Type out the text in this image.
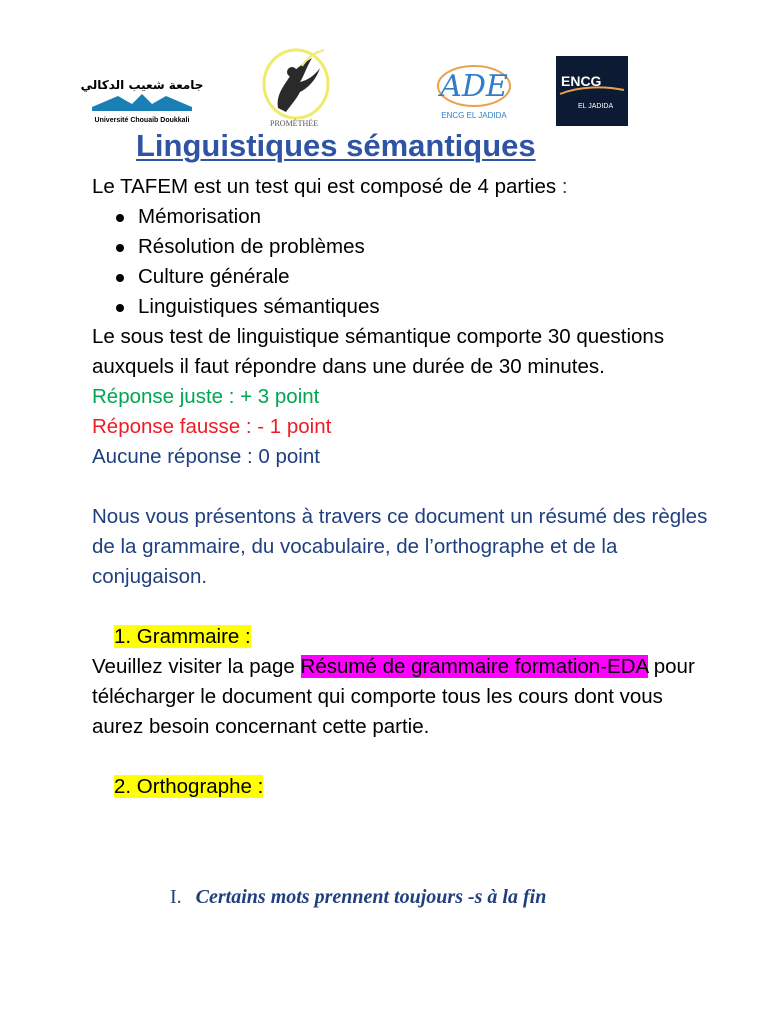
جامعة شعيب الدكالي
Université Chouaib Doukkali	PROMÉTHÉE
ADE
ENCG EL JADIDA
ENCG
EL JADIDA
Linguistiques sémantiques

Le TAFEM est un test qui est composé de 4 parties :

Mémorisation
Résolution de problèmes
Culture générale
Linguistiques sémantiques

Le sous test de linguistique sémantique comporte 30 questions auxquels il faut répondre dans une durée de 30 minutes.

Réponse juste : + 3 point

Réponse fausse : - 1 point

Aucune réponse : 0 point

Nous vous présentons à travers ce document un résumé des règles de la grammaire, du vocabulaire, de l’orthographe et de la conjugaison.

1. Grammaire :

Veuillez visiter la page Résumé de grammaire formation-EDA pour télécharger le document qui comporte tous les cours dont vous aurez besoin concernant cette partie.

2. Orthographe :

I. Certains mots prennent toujours -s à la fin
